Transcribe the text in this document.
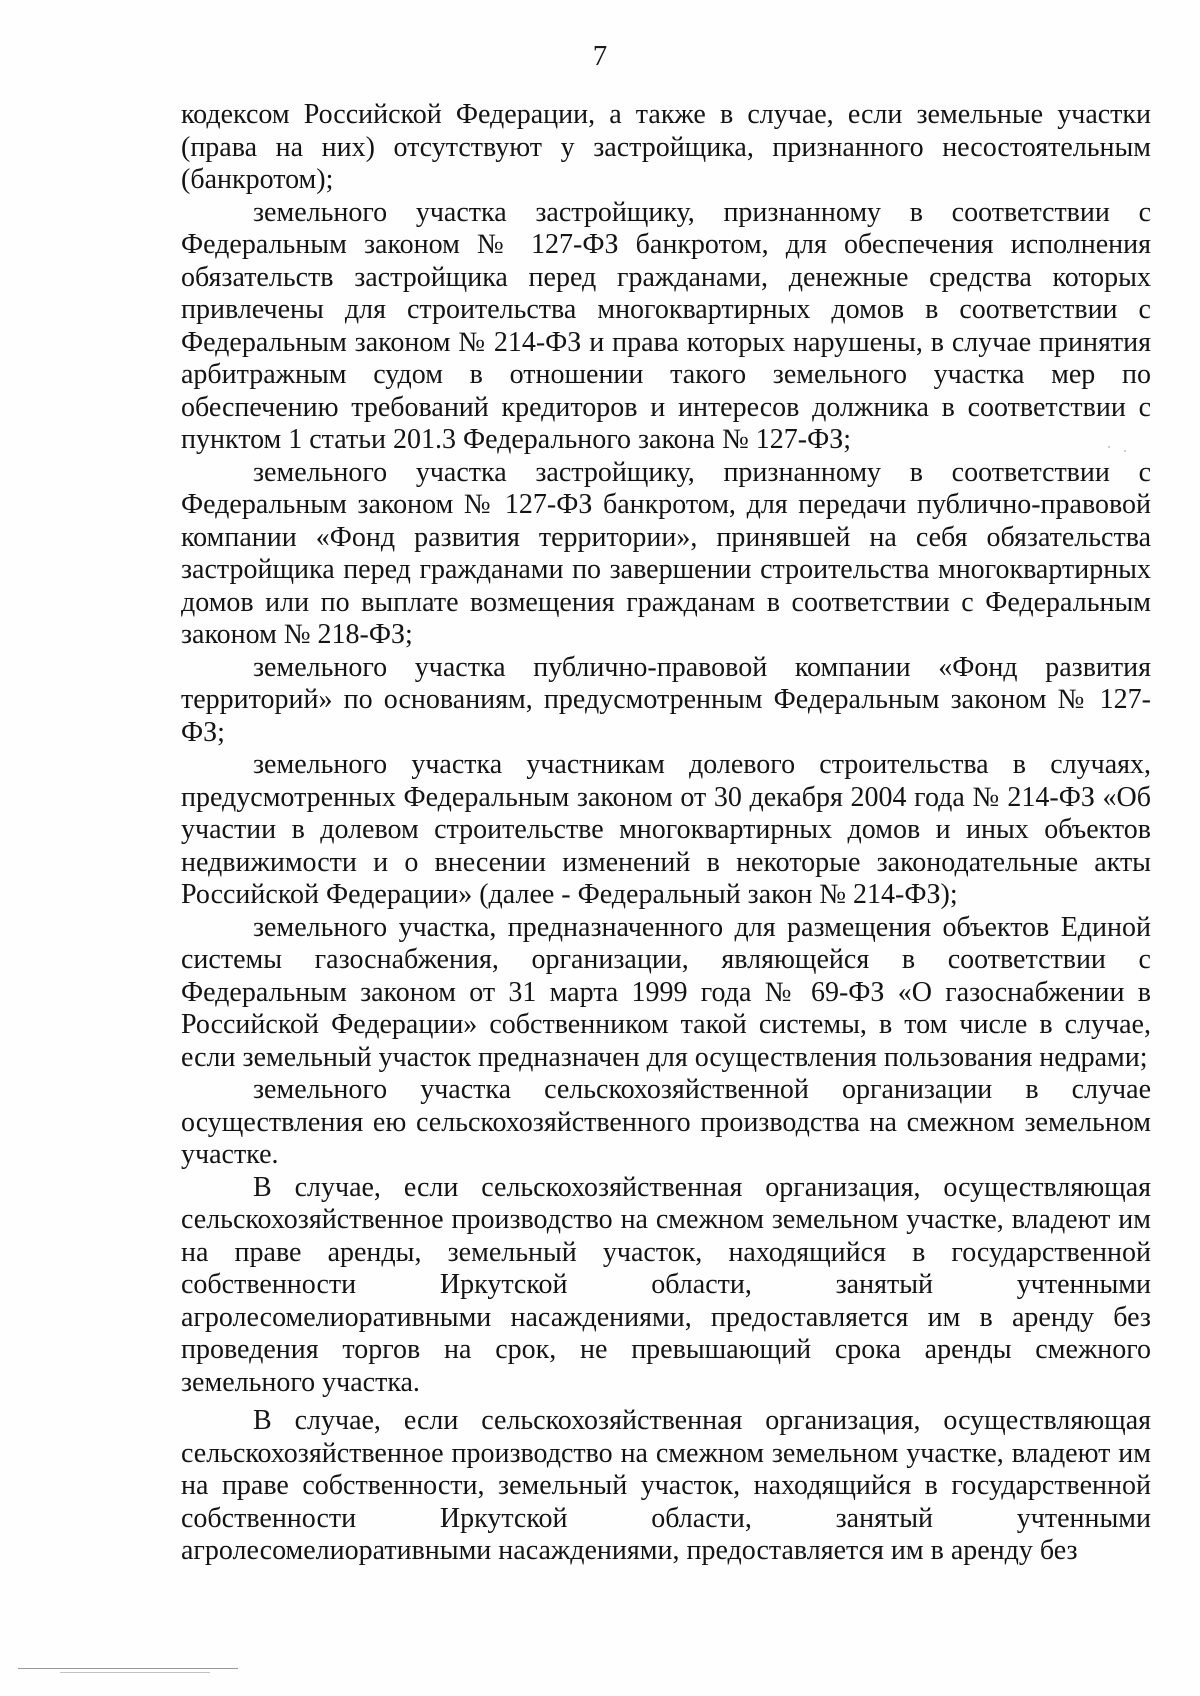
7

кодексом Российской Федерации, а также в случае, если земельные участки (права на них) отсутствуют у застройщика, признанного несостоятельным (банкротом);

земельного участка застройщику, признанному в соответствии с Федеральным законом № 127-ФЗ банкротом, для обеспечения исполнения обязательств застройщика перед гражданами, денежные средства которых привлечены для строительства многоквартирных домов в соответствии с Федеральным законом № 214-ФЗ и права которых нарушены, в случае принятия арбитражным судом в отношении такого земельного участка мер по обеспечению требований кредиторов и интересов должника в соответствии с пунктом 1 статьи 201.3 Федерального закона № 127-ФЗ;

земельного участка застройщику, признанному в соответствии с Федеральным законом № 127-ФЗ банкротом, для передачи публично-правовой компании «Фонд развития территории», принявшей на себя обязательства застройщика перед гражданами по завершении строительства многоквартирных домов или по выплате возмещения гражданам в соответствии с Федеральным законом № 218-ФЗ;

земельного участка публично-правовой компании «Фонд развития территорий» по основаниям, предусмотренным Федеральным законом № 127-ФЗ;

земельного участка участникам долевого строительства в случаях, предусмотренных Федеральным законом от 30 декабря 2004 года № 214-ФЗ «Об участии в долевом строительстве многоквартирных домов и иных объектов недвижимости и о внесении изменений в некоторые законодательные акты Российской Федерации» (далее - Федеральный закон № 214-ФЗ);

земельного участка, предназначенного для размещения объектов Единой системы газоснабжения, организации, являющейся в соответствии с Федеральным законом от 31 марта 1999 года № 69-ФЗ «О газоснабжении в Российской Федерации» собственником такой системы, в том числе в случае, если земельный участок предназначен для осуществления пользования недрами;

земельного участка сельскохозяйственной организации в случае осуществления ею сельскохозяйственного производства на смежном земельном участке.

В случае, если сельскохозяйственная организация, осуществляющая сельскохозяйственное производство на смежном земельном участке, владеют им на праве аренды, земельный участок, находящийся в государственной собственности Иркутской области, занятый учтенными агролесомелиоративными насаждениями, предоставляется им в аренду без проведения торгов на срок, не превышающий срока аренды смежного земельного участка.

В случае, если сельскохозяйственная организация, осуществляющая сельскохозяйственное производство на смежном земельном участке, владеют им на праве собственности, земельный участок, находящийся в государственной собственности Иркутской области, занятый учтенными агролесомелиоративными насаждениями, предоставляется им в аренду без
